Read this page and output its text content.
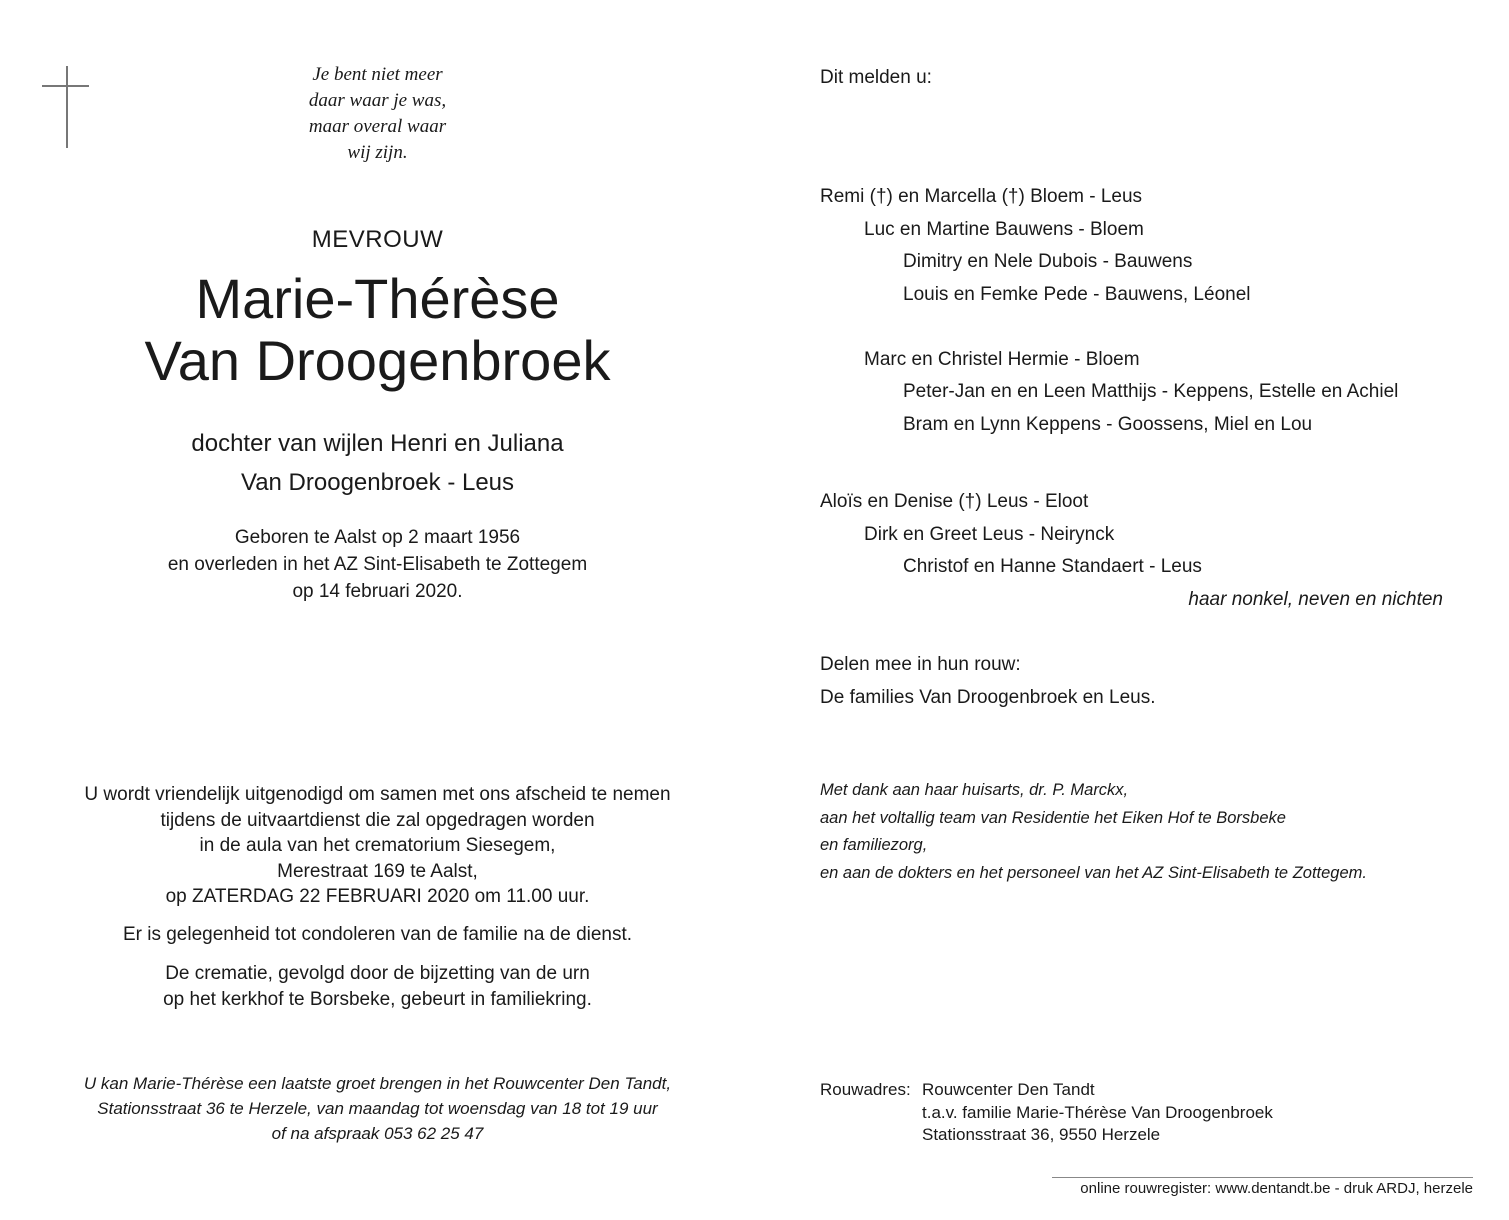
Je bent niet meer
daar waar je was,
maar overal waar
wij zijn.
MEVROUW
Marie-Thérèse
Van Droogenbroek
dochter van wijlen Henri en Juliana
Van Droogenbroek - Leus
Geboren te Aalst op 2 maart 1956
en overleden in het AZ Sint-Elisabeth te Zottegem
op 14 februari 2020.
U wordt vriendelijk uitgenodigd om samen met ons afscheid te nemen
tijdens de uitvaartdienst die zal opgedragen worden
in de aula van het crematorium Siesegem,
Merestraat 169 te Aalst,
op ZATERDAG 22 FEBRUARI 2020 om 11.00 uur.
Er is gelegenheid tot condoleren van de familie na de dienst.
De crematie, gevolgd door de bijzetting van de urn
op het kerkhof te Borsbeke, gebeurt in familiekring.
U kan Marie-Thérèse een laatste groet brengen in het Rouwcenter Den Tandt,
Stationsstraat 36 te Herzele, van maandag tot woensdag van 18 tot 19 uur
of na afspraak 053 62 25 47
Dit melden u:
Remi (†) en Marcella (†) Bloem - Leus
Luc en Martine Bauwens - Bloem
Dimitry en Nele Dubois - Bauwens
Louis en Femke Pede - Bauwens, Léonel
Marc en Christel Hermie - Bloem
Peter-Jan en en Leen Matthijs - Keppens, Estelle en Achiel
Bram en Lynn Keppens - Goossens, Miel en Lou
Aloïs en Denise (†) Leus - Eloot
Dirk en Greet Leus - Neirynck
Christof en Hanne Standaert - Leus
haar nonkel, neven en nichten
Delen mee in hun rouw:
De families Van Droogenbroek en Leus.
Met dank aan haar huisarts, dr. P. Marckx,
aan het voltallig team van Residentie het Eiken Hof te Borsbeke
en familiezorg,
en aan de dokters en het personeel van het AZ Sint-Elisabeth te Zottegem.
Rouwadres: Rouwcenter Den Tandt
t.a.v. familie Marie-Thérèse Van Droogenbroek
Stationsstraat 36, 9550 Herzele
online rouwregister: www.dentandt.be - druk ARDJ, herzele
